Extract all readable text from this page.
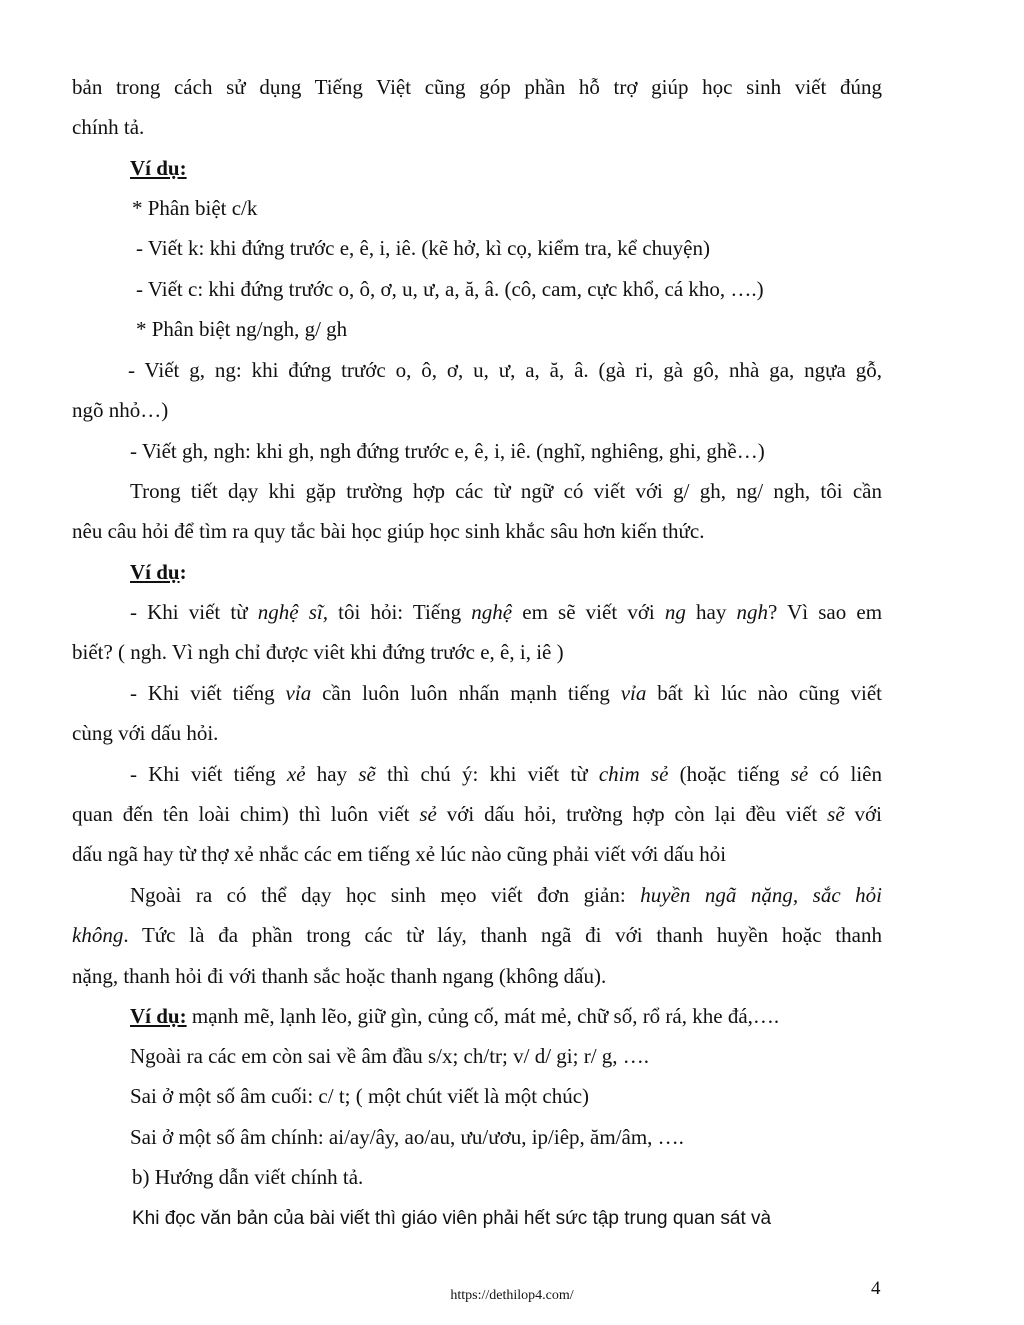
bản trong cách sử dụng Tiếng Việt cũng góp phần hỗ trợ giúp học sinh viết đúng

chính tả.

Ví dụ:

* Phân biệt c/k

- Viết k: khi đứng trước e, ê, i, iê. (kẽ hở, kì cọ, kiểm tra, kể chuyện)

- Viết c: khi đứng trước o, ô, ơ, u, ư, a, ă, â. (cô, cam, cực khổ, cá kho, ….)

* Phân biệt ng/ngh, g/ gh

- Viết g, ng: khi đứng trước o, ô, ơ, u, ư, a, ă, â. (gà ri, gà gô, nhà ga, ngựa gỗ,

ngõ nhỏ…)

- Viết gh, ngh: khi gh, ngh đứng trước e, ê, i, iê. (nghĩ, nghiêng, ghi, ghề…)

Trong tiết dạy khi gặp trường hợp các từ ngữ có viết với g/ gh, ng/ ngh, tôi cần

nêu câu hỏi để tìm ra quy tắc bài học giúp học sinh khắc sâu hơn kiến thức.

Ví dụ:

- Khi viết từ nghệ sĩ, tôi hỏi: Tiếng nghệ em sẽ viết với ng hay ngh? Vì sao em

biết? ( ngh. Vì ngh chỉ được viêt khi đứng trước e, ê, i, iê )

- Khi viết tiếng vỉa cần luôn luôn nhấn mạnh tiếng vỉa bất kì lúc nào cũng viết

cùng với dấu hỏi.

- Khi viết tiếng xẻ hay sẽ thì chú ý: khi viết từ chim sẻ (hoặc tiếng sẻ có liên

quan đến tên loài chim) thì luôn viết sẻ với dấu hỏi, trường hợp còn lại đều viết sẽ với

dấu ngã hay từ thợ xẻ nhắc các em tiếng xẻ lúc nào cũng phải viết với dấu hỏi

Ngoài ra có thể dạy học sinh mẹo viết đơn giản: huyền ngã nặng, sắc hỏi

không. Tức là đa phần trong các từ láy, thanh ngã đi với thanh huyền hoặc thanh

nặng, thanh hỏi đi với thanh sắc hoặc thanh ngang (không dấu).

Ví dụ: mạnh mẽ, lạnh lẽo, giữ gìn, củng cố, mát mẻ, chữ số, rổ rá, khe đá,….

Ngoài ra các em còn sai về âm đầu s/x; ch/tr; v/ d/ gi; r/ g, ….

Sai ở một số âm cuối: c/ t; ( một chút viết là một chúc)

Sai ở một số âm chính: ai/ay/ây, ao/au, ưu/ươu, ip/iêp, ăm/âm, ….

b) Hướng dẫn viết chính tả.

Khi đọc văn bản của bài viết thì giáo viên phải hết sức tập trung quan sát và

4
https://dethilop4.com/
